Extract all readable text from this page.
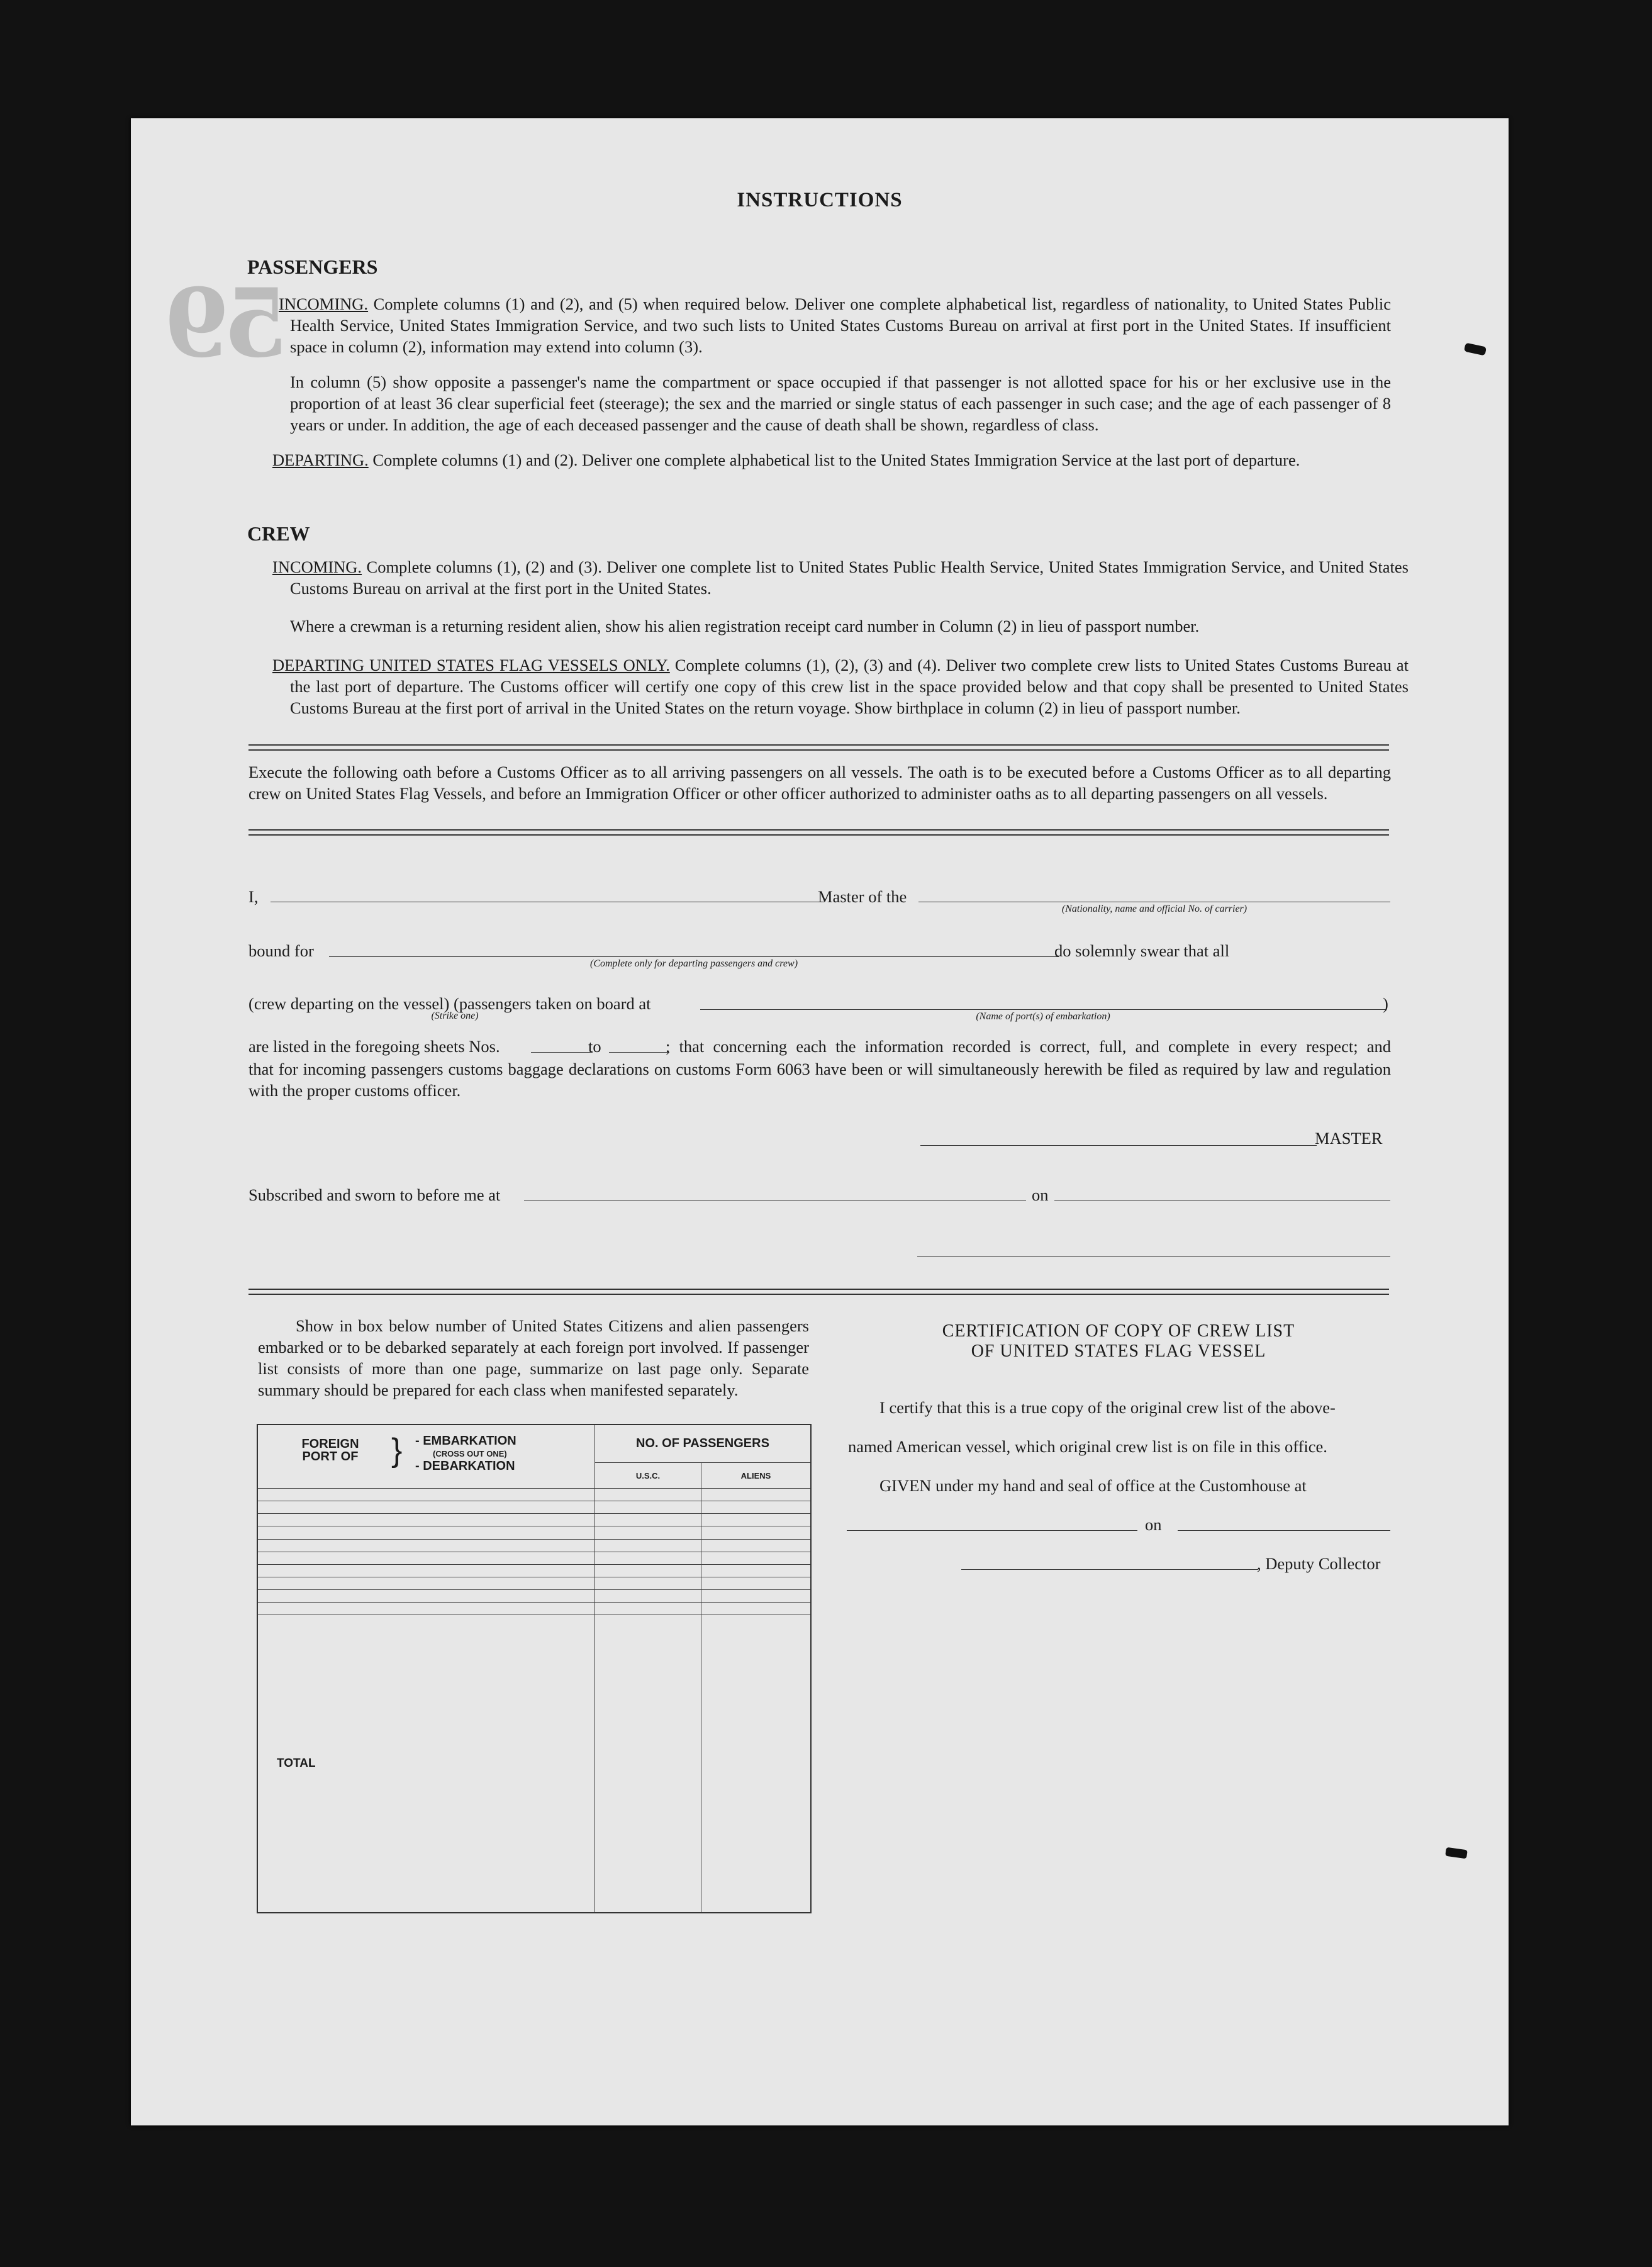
59
INSTRUCTIONS
PASSENGERS
INCOMING. Complete columns (1) and (2), and (5) when required below. Deliver one complete alphabetical list, regardless of nationality, to United States Public Health Service, United States Immigration Service, and two such lists to United States Customs Bureau on arrival at first port in the United States. If insufficient space in column (2), information may extend into column (3).
In column (5) show opposite a passenger's name the compartment or space occupied if that passenger is not allotted space for his or her exclusive use in the proportion of at least 36 clear superficial feet (steerage); the sex and the married or single status of each passenger in such case; and the age of each passenger of 8 years or under. In addition, the age of each deceased passenger and the cause of death shall be shown, regardless of class.
DEPARTING. Complete columns (1) and (2). Deliver one complete alphabetical list to the United States Immigration Service at the last port of departure.
CREW
INCOMING. Complete columns (1), (2) and (3). Deliver one complete list to United States Public Health Service, United States Immigration Service, and United States Customs Bureau on arrival at the first port in the United States.
Where a crewman is a returning resident alien, show his alien registration receipt card number in Column (2) in lieu of passport number.
DEPARTING UNITED STATES FLAG VESSELS ONLY. Complete columns (1), (2), (3) and (4). Deliver two complete crew lists to United States Customs Bureau at the last port of departure. The Customs officer will certify one copy of this crew list in the space provided below and that copy shall be presented to United States Customs Bureau at the first port of arrival in the United States on the return voyage. Show birthplace in column (2) in lieu of passport number.
Execute the following oath before a Customs Officer as to all arriving passengers on all vessels. The oath is to be executed before a Customs Officer as to all departing crew on United States Flag Vessels, and before an Immigration Officer or other officer authorized to administer oaths as to all departing passengers on all vessels.
I,	Master of the
(Nationality, name and official No. of carrier)
bound for
(Complete only for departing passengers and crew)
do solemnly swear that all
(crew departing on the vessel) (passengers taken on board at
(Strike one)	(Name of port(s) of embarkation)
)
are listed in the foregoing sheets Nos.	to	; that concerning each the information recorded is correct, full, and complete in every respect; and
that for incoming passengers customs baggage declarations on customs Form 6063 have been or will simultaneously herewith be filed as required by law and regulation with the proper customs officer.
MASTER
Subscribed and sworn to before me at	on
Show in box below number of United States Citizens and alien passengers embarked or to be debarked separately at each foreign port involved. If passenger list consists of more than one page, summarize on last page only. Separate summary should be prepared for each class when manifested separately.
FOREIGN PORT OF } - EMBARKATION
(CROSS OUT ONE)
- DEBARKATION	NO. OF PASSENGERS	
	U.S.C.	ALIENS

TOTAL		
CERTIFICATION OF COPY OF CREW LIST
OF UNITED STATES FLAG VESSEL
I certify that this is a true copy of the original crew list of the above-
named American vessel, which original crew list is on file in this office.
GIVEN under my hand and seal of office at the Customhouse at
on
, Deputy Collector
